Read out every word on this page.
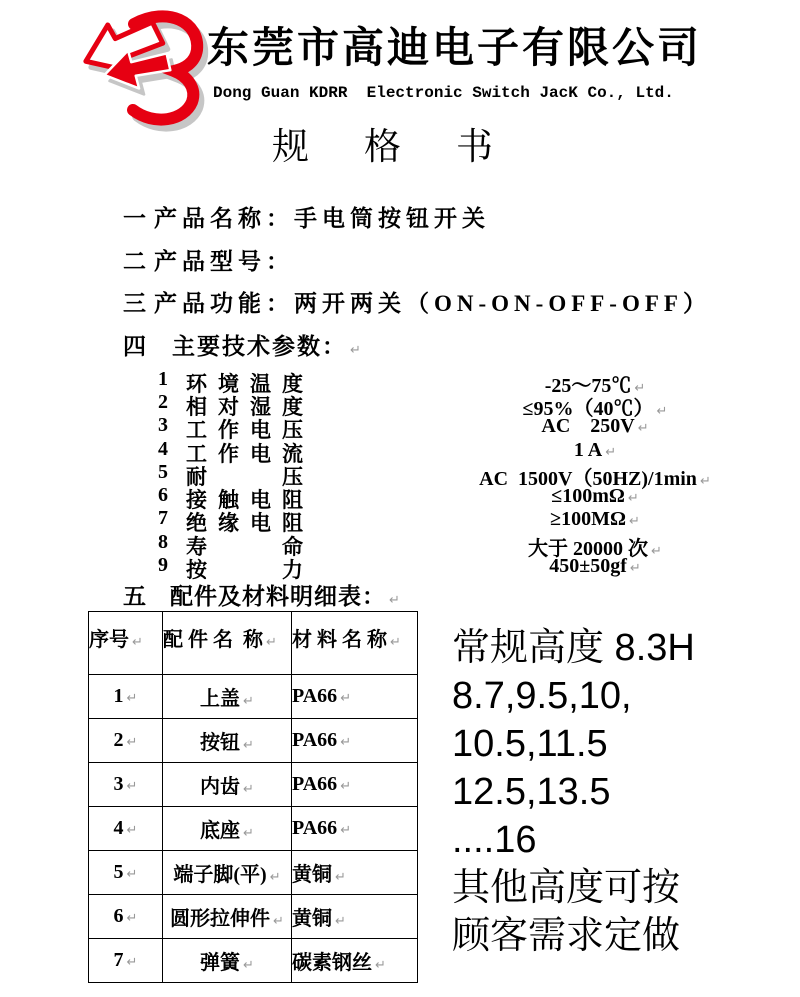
东莞市高迪电子有限公司
Dong Guan KDRR  Electronic Switch JacK Co., Ltd.
规格书
一 产品名称：手电筒按钮开关
二 产品型号：
三 产品功能：两开两关（ON-ON-OFF-OFF）
四 主要技术参数： ↵
1 环境温度	-25～75℃ ↵
2 相对湿度	≤95%（40℃） ↵
3 工作电压	AC    250V ↵
4 工作电流	1 A ↵
5 耐　　压	AC  1500V（50HZ)/1min ↵
6 接触电阻	≤100mΩ ↵
7 绝缘电阻	≥100MΩ ↵
8 寿　　命	大于 20000 次 ↵
9 按　　力	450±50gf ↵
五 配件及材料明细表： ↵
序号 ↵	配 件 名  称 ↵	材 料 名 称 ↵
1 ↵	上盖 ↵	PA66 ↵
2 ↵	按钮 ↵	PA66 ↵
3 ↵	内齿 ↵	PA66 ↵
4 ↵	底座 ↵	PA66 ↵
5 ↵	端子脚(平) ↵	黄铜 ↵
6 ↵	圆形拉伸件 ↵	黄铜 ↵
7 ↵	弹簧 ↵	碳素钢丝 ↵
常规高度 8.3H
8.7,9.5,10,
10.5,11.5
12.5,13.5
....16
其他高度可按
顾客需求定做
